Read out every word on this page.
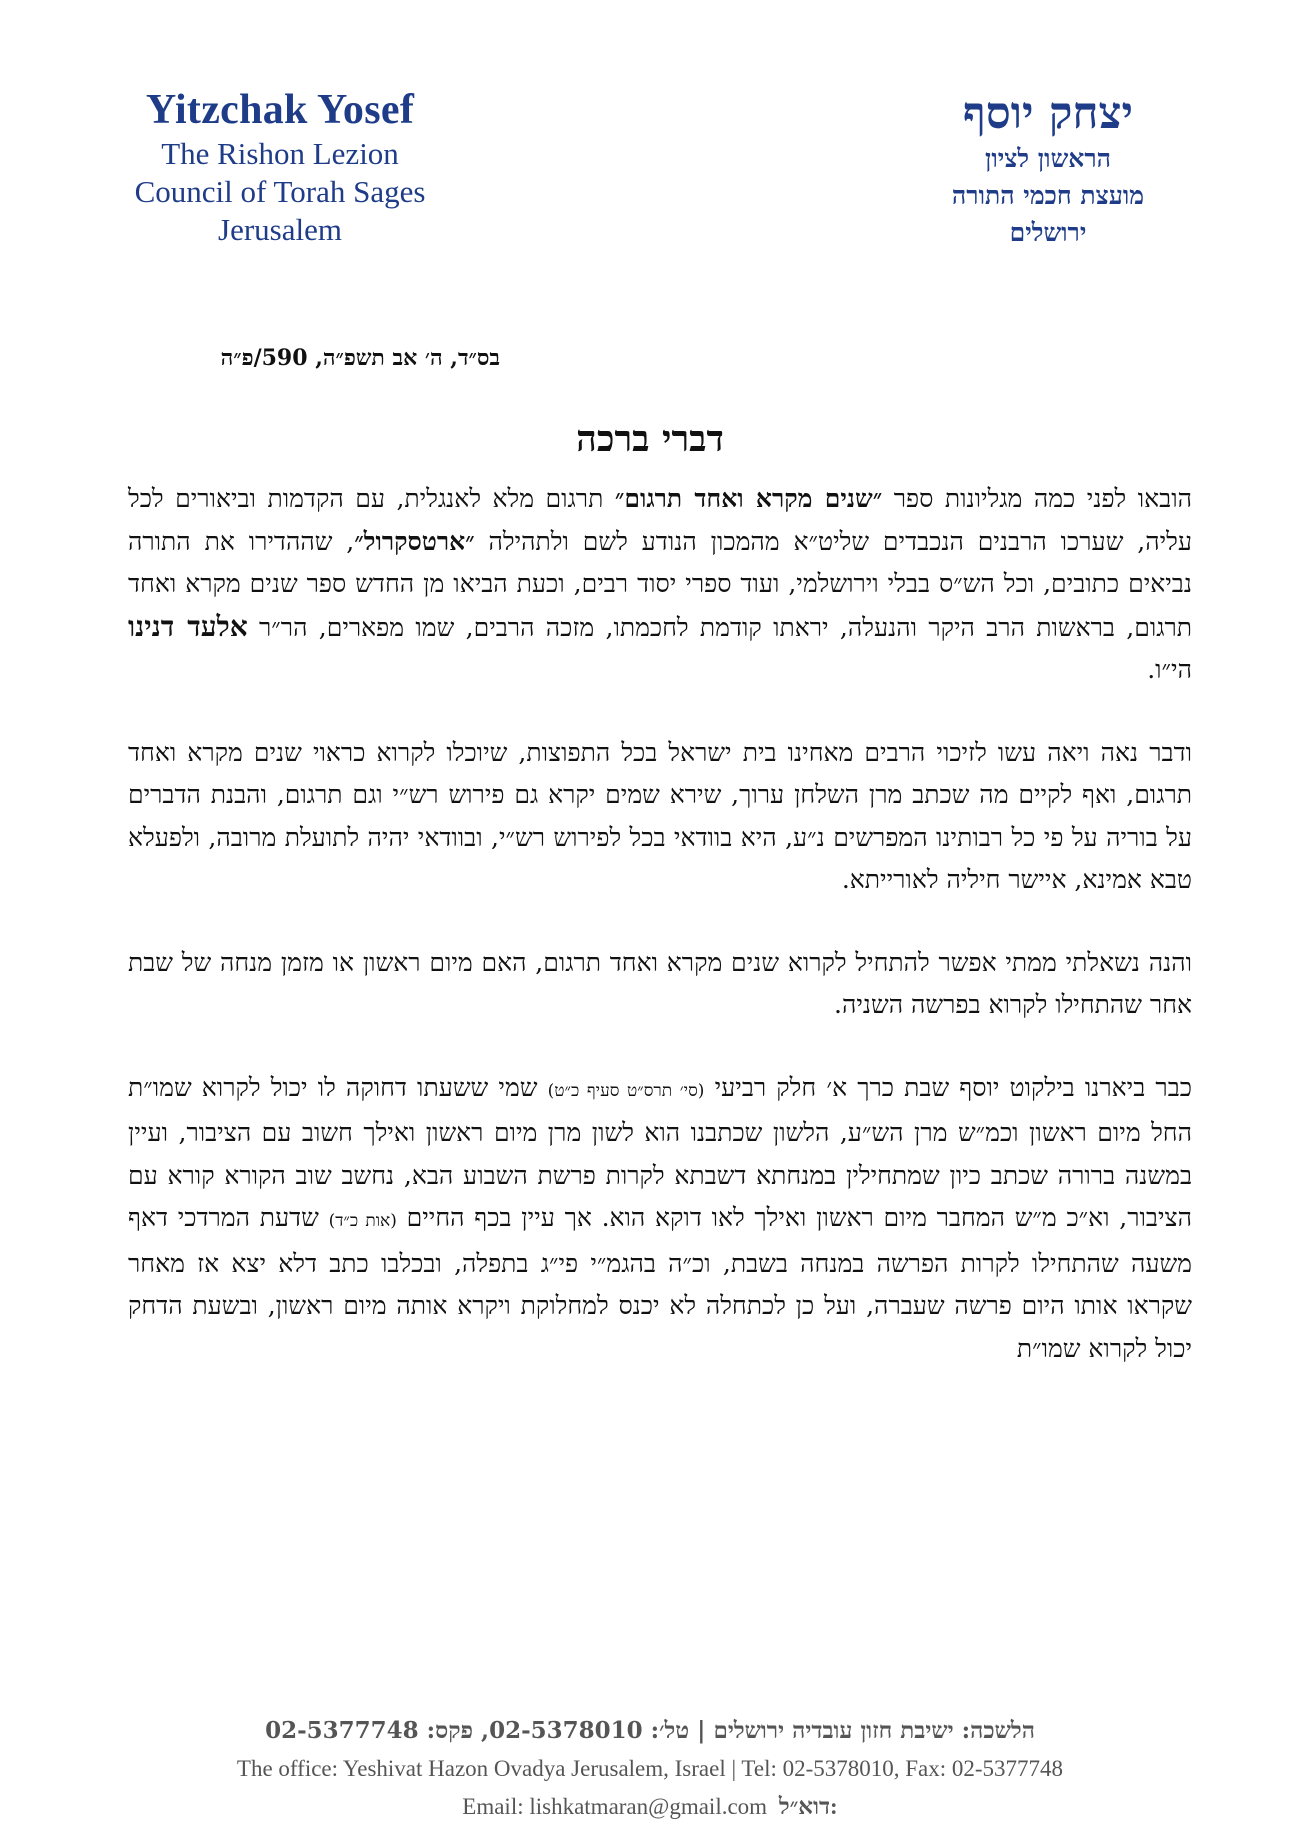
Yitzchak Yosef
The Rishon Lezion
Council of Torah Sages
Jerusalem
יצחק יוסף
הראשון לציון
מועצת חכמי התורה
ירושלים
בס״ד, ה׳ אב תשפ״ה, 590/פ״ה
דברי ברכה

הובאו לפני כמה מגליונות ספר ״שנים מקרא ואחד תרגום״ תרגום מלא לאנגלית, עם הקדמות וביאורים לכל עליה, שערכו הרבנים הנכבדים שליט״א מהמכון הנודע לשם ולתהילה ״ארטסקרול״, שההדירו את התורה נביאים כתובים, וכל הש״ס בבלי וירושלמי, ועוד ספרי יסוד רבים, וכעת הביאו מן החדש ספר שנים מקרא ואחד תרגום, בראשות הרב היקר והנעלה, יראתו קודמת לחכמתו, מזכה הרבים, שמו מפארים, הר״ר אלעד דנינו הי״ו.

ודבר נאה ויאה עשו לזיכוי הרבים מאחינו בית ישראל בכל התפוצות, שיוכלו לקרוא כראוי שנים מקרא ואחד תרגום, ואף לקיים מה שכתב מרן השלחן ערוך, שירא שמים יקרא גם פירוש רש״י וגם תרגום, והבנת הדברים על בוריה על פי כל רבותינו המפרשים נ״ע, היא בוודאי בכל לפירוש רש״י, ובוודאי יהיה לתועלת מרובה, ולפעלא טבא אמינא, איישר חיליה לאורייתא.

והנה נשאלתי ממתי אפשר להתחיל לקרוא שנים מקרא ואחד תרגום, האם מיום ראשון או מזמן מנחה של שבת אחר שהתחילו לקרוא בפרשה השניה.

כבר ביארנו בילקוט יוסף שבת כרך א׳ חלק רביעי (סי׳ תרס״ט סעיף כ״ט) שמי ששעתו דחוקה לו יכול לקרוא שמו״ת החל מיום ראשון וכמ״ש מרן הש״ע, הלשון שכתבנו הוא לשון מרן מיום ראשון ואילך חשוב עם הציבור, ועיין במשנה ברורה שכתב כיון שמתחילין במנחתא דשבתא לקרות פרשת השבוע הבא, נחשב שוב הקורא קורא עם הציבור, וא״כ מ״ש המחבר מיום ראשון ואילך לאו דוקא הוא. אך עיין בכף החיים (אות כ״ד) שדעת המרדכי דאף משעה שהתחילו לקרות הפרשה במנחה בשבת, וכ״ה בהגמ״י פי״ג בתפלה, ובכלבו כתב דלא יצא אז מאחר שקראו אותו היום פרשה שעברה, ועל כן לכתחלה לא יכנס למחלוקת ויקרא אותה מיום ראשון, ובשעת הדחק יכול לקרוא שמו״ת

הלשכה: ישיבת חזון עובדיה ירושלים | טל׳: 02-5378010, פקס: 02-5377748
The office: Yeshivat Hazon Ovadya Jerusalem, Israel | Tel: 02-5378010, Fax: 02-5377748
Email: lishkatmaran@gmail.com דוא״ל:
